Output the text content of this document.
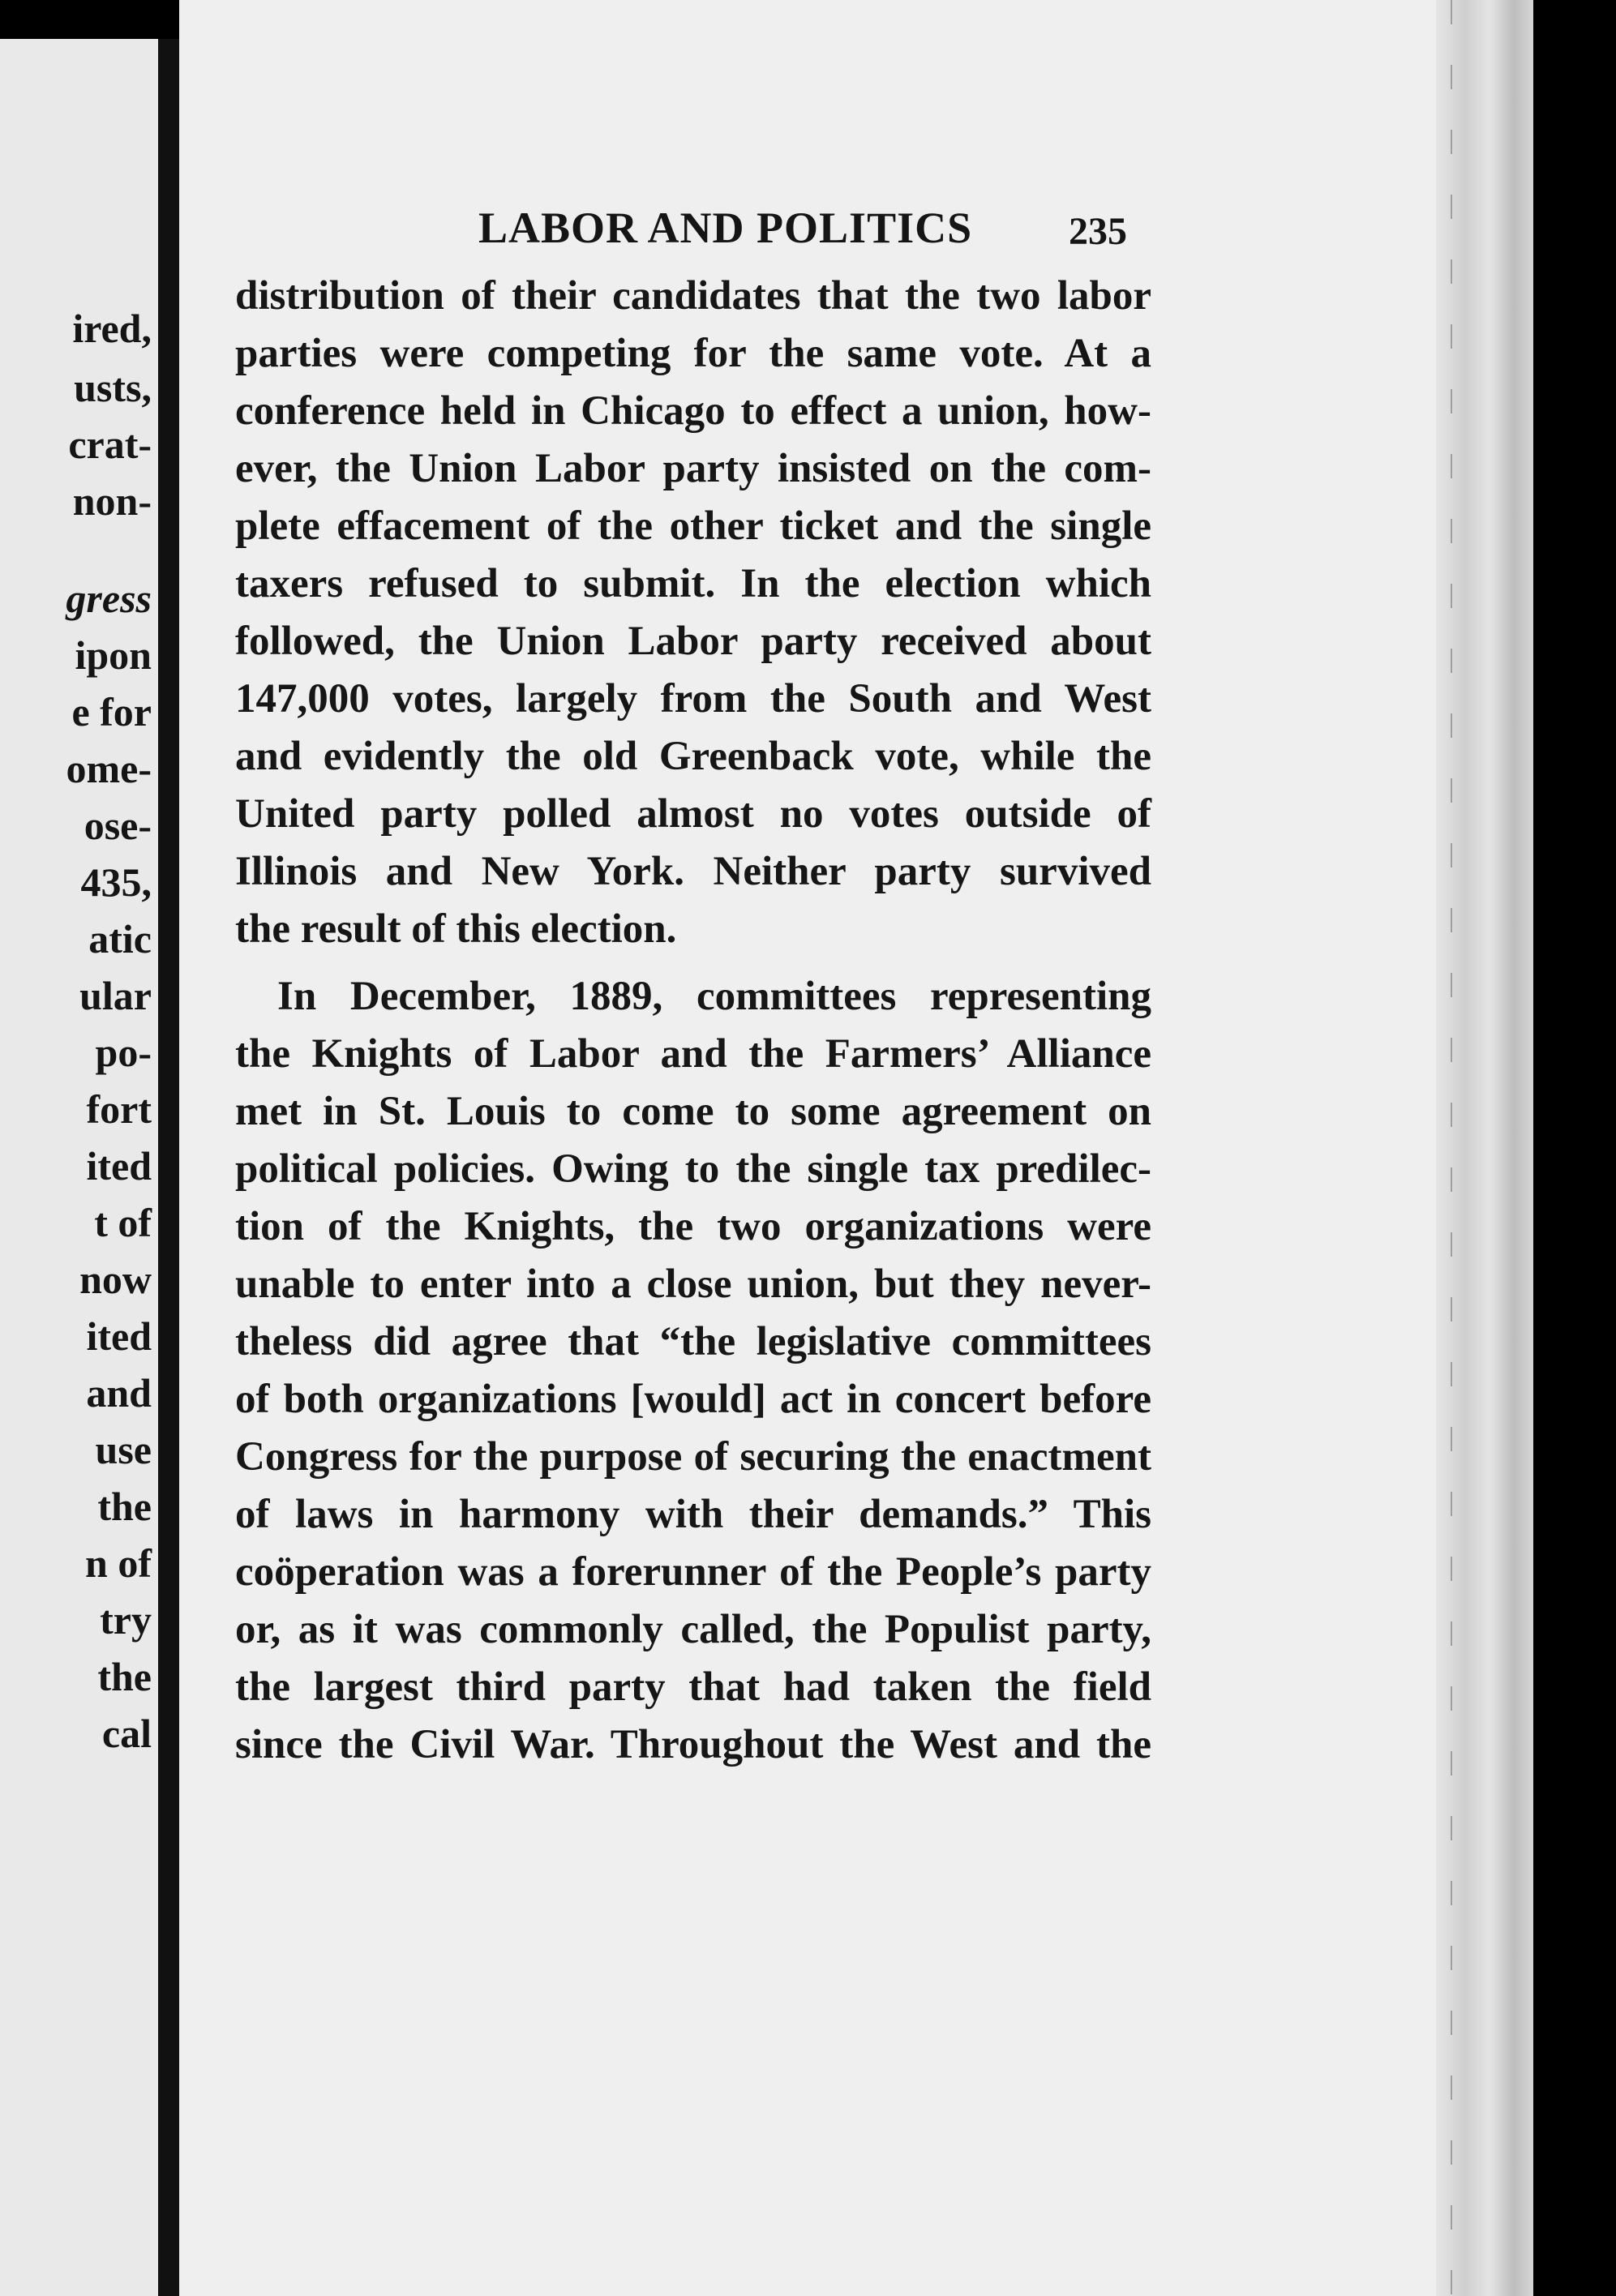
ired,
usts,
crat-
non-
gress
ipon
e for
ome-
ose-
435,
atic
ular
po-
fort
ited
t of
now
ited
and
use
the
n of
try
the
cal
LABOR AND POLITICS 235
distribution of their candidates that the two labor
parties were competing for the same vote. At a
conference held in Chicago to effect a union, how-
ever, the Union Labor party insisted on the com-
plete effacement of the other ticket and the single
taxers refused to submit. In the election which
followed, the Union Labor party received about
147,000 votes, largely from the South and West
and evidently the old Greenback vote, while the
United party polled almost no votes outside of
Illinois and New York. Neither party survived
the result of this election.
In December, 1889, committees representing
the Knights of Labor and the Farmers’ Alliance
met in St. Louis to come to some agreement on
political policies. Owing to the single tax predilec-
tion of the Knights, the two organizations were
unable to enter into a close union, but they never-
theless did agree that “the legislative committees
of both organizations [would] act in concert before
Congress for the purpose of securing the enactment
of laws in harmony with their demands.” This
coöperation was a forerunner of the People’s party
or, as it was commonly called, the Populist party,
the largest third party that had taken the field
since the Civil War. Throughout the West and the
